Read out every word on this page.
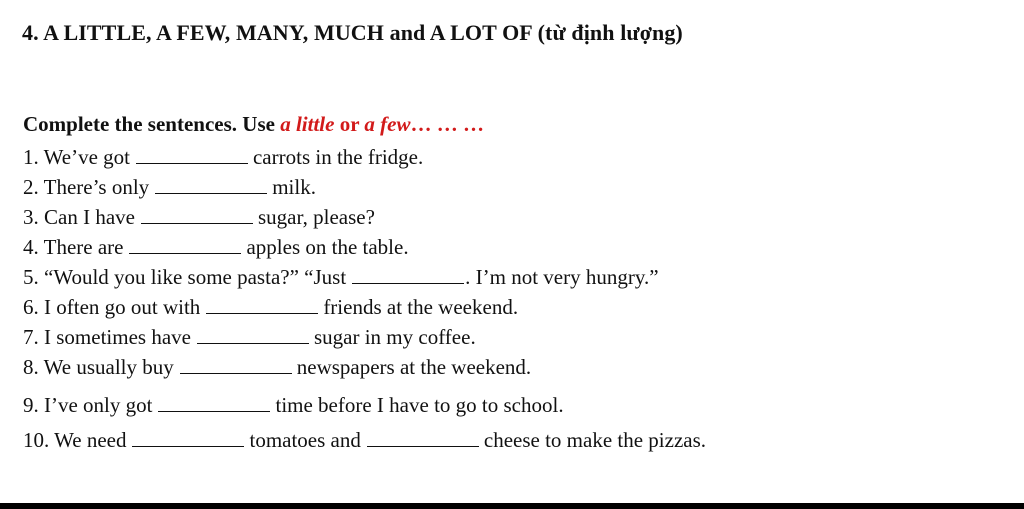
4. A LITTLE, A FEW, MANY, MUCH and A LOT OF (từ định lượng)
Complete the sentences. Use a little or a few… … …
1. We’ve got	carrots in the fridge.
2. There’s only	milk.
3. Can I have	sugar, please?
4. There are	apples on the table.
5. “Would you like some pasta?” “Just	. I’m not very hungry.”
6. I often go out with	friends at the weekend.
7. I sometimes have	sugar in my coffee.
8. We usually buy	newspapers at the weekend.
9. I’ve only got	time before I have to go to school.
10. We need	tomatoes and	cheese to make the pizzas.
